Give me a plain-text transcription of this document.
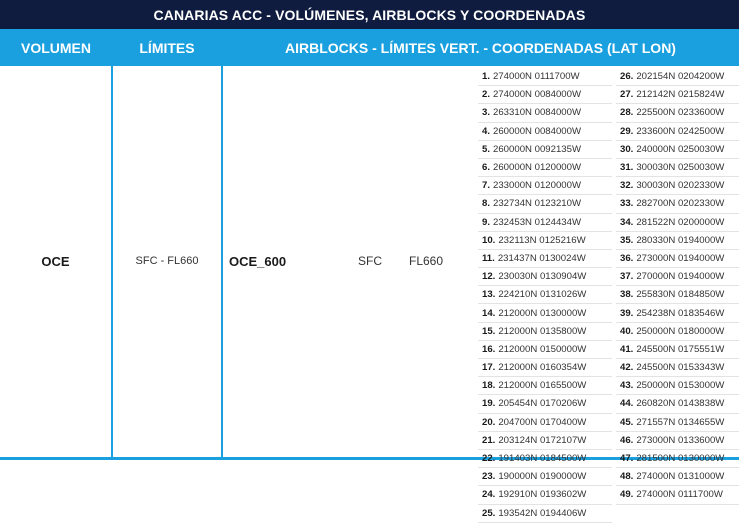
CANARIAS ACC - VOLÚMENES, AIRBLOCKS Y COORDENADAS
VOLUMEN	LÍMITES	AIRBLOCKS - LÍMITES VERT. - COORDENADAS (LAT LON)
OCE	SFC - FL660	OCE_600	SFC	FL660
1. 274000N 0111700W
2. 274000N 0084000W
3. 263310N 0084000W
4. 260000N 0084000W
5. 260000N 0092135W
6. 260000N 0120000W
7. 233000N 0120000W
8. 232734N 0123210W
9. 232453N 0124434W
10. 232113N 0125216W
11. 231437N 0130024W
12. 230030N 0130904W
13. 224210N 0131026W
14. 212000N 0130000W
15. 212000N 0135800W
16. 212000N 0150000W
17. 212000N 0160354W
18. 212000N 0165500W
19. 205454N 0170206W
20. 204700N 0170400W
21. 203124N 0172107W
22. 191403N 0184500W
23. 190000N 0190000W
24. 192910N 0193602W
25. 193542N 0194406W
26. 202154N 0204200W
27. 212142N 0215824W
28. 225500N 0233600W
29. 233600N 0242500W
30. 240000N 0250030W
31. 300030N 0250030W
32. 300030N 0202330W
33. 282700N 0202330W
34. 281522N 0200000W
35. 280330N 0194000W
36. 273000N 0194000W
37. 270000N 0194000W
38. 255830N 0184850W
39. 254238N 0183546W
40. 250000N 0180000W
41. 245500N 0175551W
42. 245500N 0153343W
43. 250000N 0153000W
44. 260820N 0143838W
45. 271557N 0134655W
46. 273000N 0133600W
47. 281500N 0130000W
48. 274000N 0131000W
49. 274000N 0111700W
